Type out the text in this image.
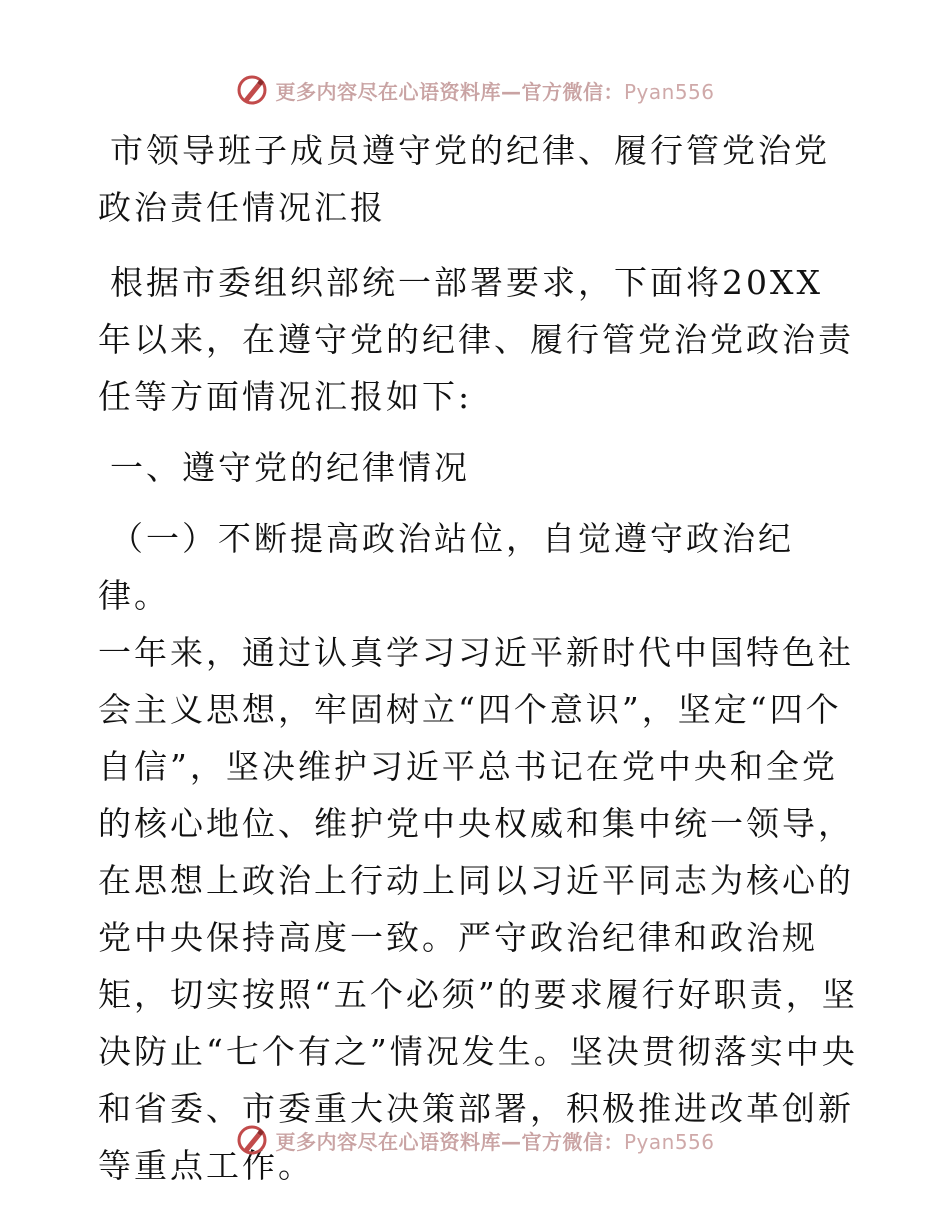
更多内容尽在心语资料库—官方微信：Pyan556

市领导班子成员遵守党的纪律、履行管党治党政治责任情况汇报

根据市委组织部统一部署要求，下面将20XX年以来，在遵守党的纪律、履行管党治党政治责任等方面情况汇报如下:

一、遵守党的纪律情况

（一）不断提高政治站位，自觉遵守政治纪律。

一年来，通过认真学习习近平新时代中国特色社会主义思想，牢固树立“四个意识”，坚定“四个自信”，坚决维护习近平总书记在党中央和全党的核心地位、维护党中央权威和集中统一领导，在思想上政治上行动上同以习近平同志为核心的党中央保持高度一致。严守政治纪律和政治规矩，切实按照“五个必须”的要求履行好职责，坚决防止“七个有之”情况发生。坚决贯彻落实中央和省委、市委重大决策部署，积极推进改革创新等重点工作。

更多内容尽在心语资料库—官方微信：Pyan556
